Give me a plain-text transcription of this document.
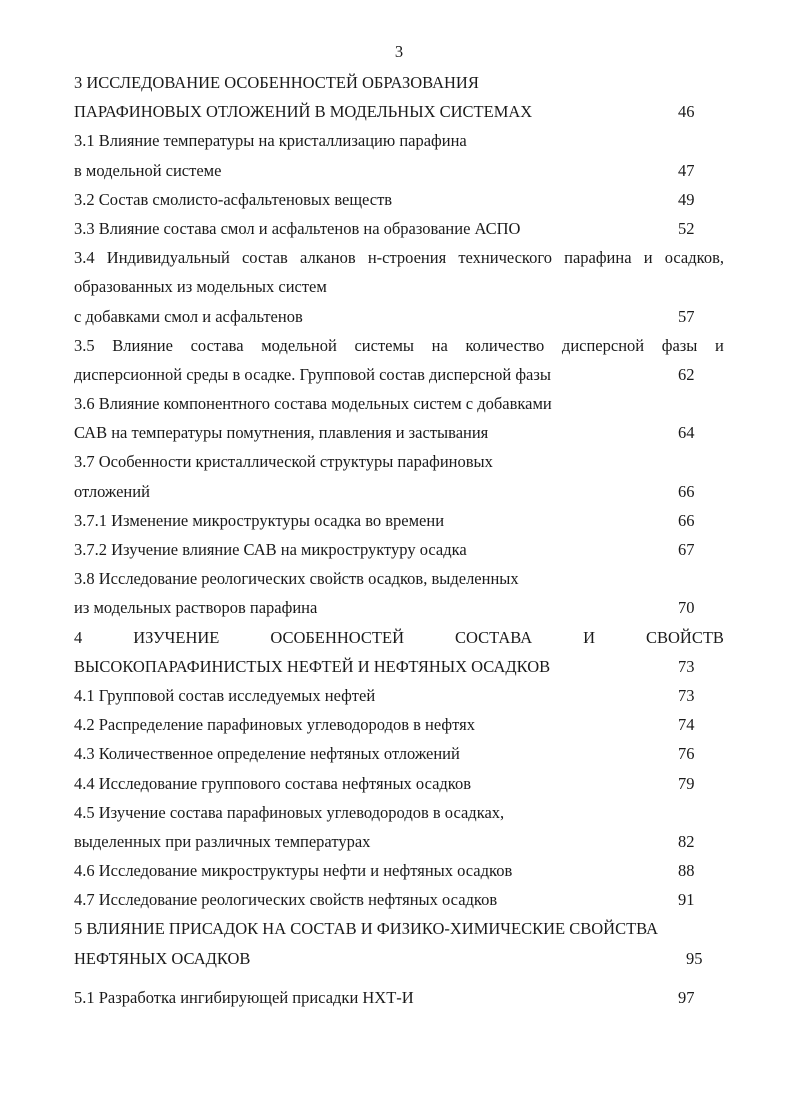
3
3 ИССЛЕДОВАНИЕ ОСОБЕННОСТЕЙ ОБРАЗОВАНИЯ
ПАРАФИНОВЫХ ОТЛОЖЕНИЙ В МОДЕЛЬНЫХ СИСТЕМАХ	46
3.1 Влияние температуры на кристаллизацию парафина
в модельной системе	47
3.2 Состав смолисто-асфальтеновых веществ	49
3.3 Влияние состава смол и асфальтенов на образование АСПО	52
3.4 Индивидуальный состав алканов н-строения технического парафина и осадков,
образованных из модельных систем
с добавками смол и асфальтенов	57
3.5 Влияние состава модельной системы на количество дисперсной фазы и
дисперсионной среды в осадке. Групповой состав дисперсной фазы	62
3.6 Влияние компонентного состава модельных систем с добавками
САВ на температуры помутнения, плавления и застывания	64
3.7 Особенности кристаллической структуры парафиновых
отложений	66
3.7.1 Изменение микроструктуры осадка во времени	66
3.7.2 Изучение влияние САВ на микроструктуру осадка	67
3.8 Исследование реологических свойств осадков, выделенных
из модельных растворов парафина	70
4	ИЗУЧЕНИЕ	ОСОБЕННОСТЕЙ	СОСТАВА	И	СВОЙСТВ
ВЫСОКОПАРАФИНИСТЫХ НЕФТЕЙ И НЕФТЯНЫХ ОСАДКОВ	73
4.1 Групповой состав исследуемых нефтей	73
4.2 Распределение парафиновых углеводородов в нефтях	74
4.3 Количественное определение нефтяных отложений	76
4.4 Исследование группового состава нефтяных осадков	79
4.5 Изучение состава парафиновых углеводородов в осадках,
выделенных при различных температурах	82
4.6 Исследование микроструктуры нефти и нефтяных осадков	88
4.7 Исследование реологических свойств нефтяных осадков	91
5 ВЛИЯНИЕ ПРИСАДОК НА СОСТАВ И ФИЗИКО-ХИМИЧЕСКИЕ СВОЙСТВА
НЕФТЯНЫХ ОСАДКОВ	95
5.1 Разработка ингибирующей присадки НХТ-И	97
